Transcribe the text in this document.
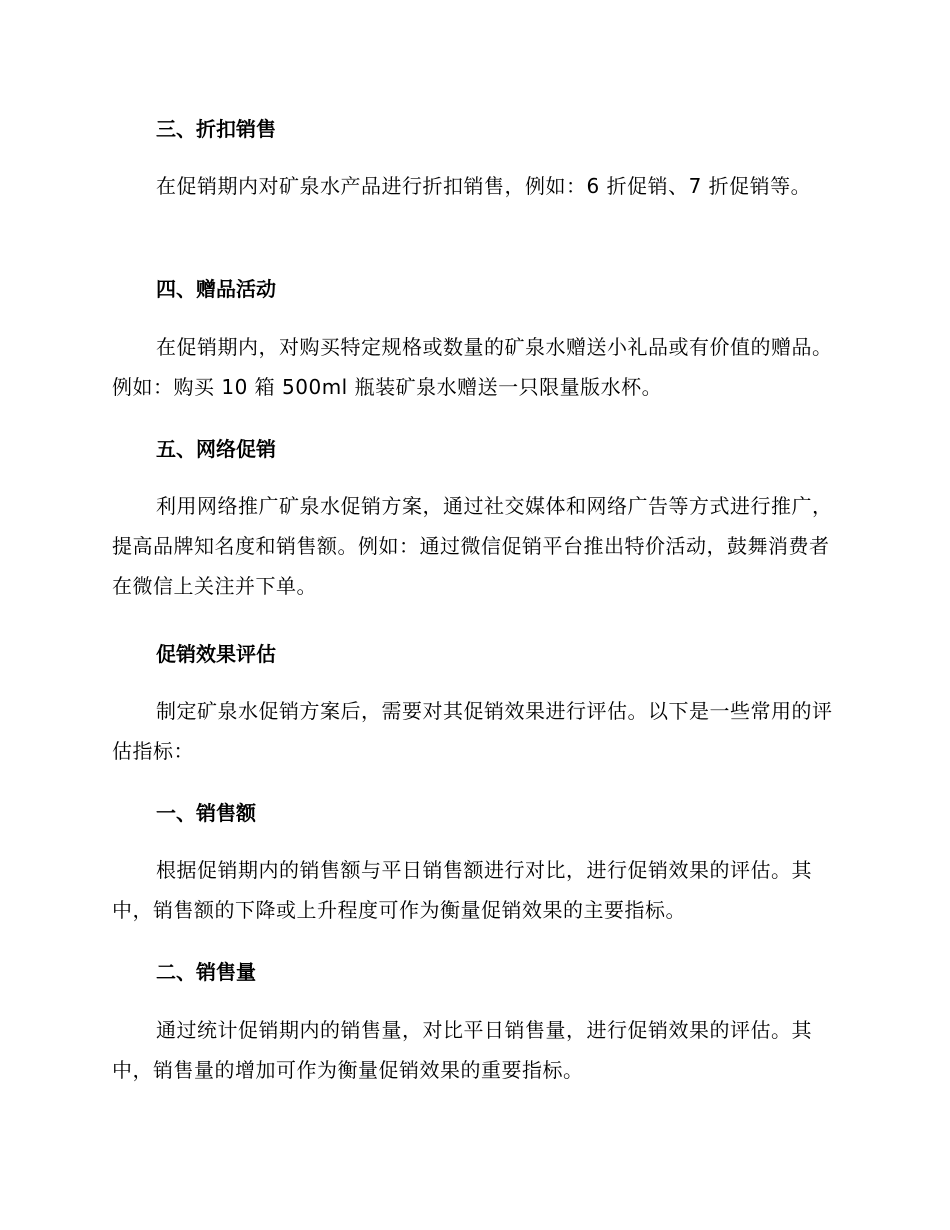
三、折扣销售
在促销期内对矿泉水产品进行折扣销售，例如：6 折促销、7 折促销等。
四、赠品活动
在促销期内，对购买特定规格或数量的矿泉水赠送小礼品或有价值的赠品。例如：购买 10 箱 500ml 瓶装矿泉水赠送一只限量版水杯。
五、网络促销
利用网络推广矿泉水促销方案，通过社交媒体和网络广告等方式进行推广，提高品牌知名度和销售额。例如：通过微信促销平台推出特价活动，鼓舞消费者在微信上关注并下单。
促销效果评估
制定矿泉水促销方案后，需要对其促销效果进行评估。以下是一些常用的评估指标：
一、销售额
根据促销期内的销售额与平日销售额进行对比，进行促销效果的评估。其中，销售额的下降或上升程度可作为衡量促销效果的主要指标。
二、销售量
通过统计促销期内的销售量，对比平日销售量，进行促销效果的评估。其中，销售量的增加可作为衡量促销效果的重要指标。
